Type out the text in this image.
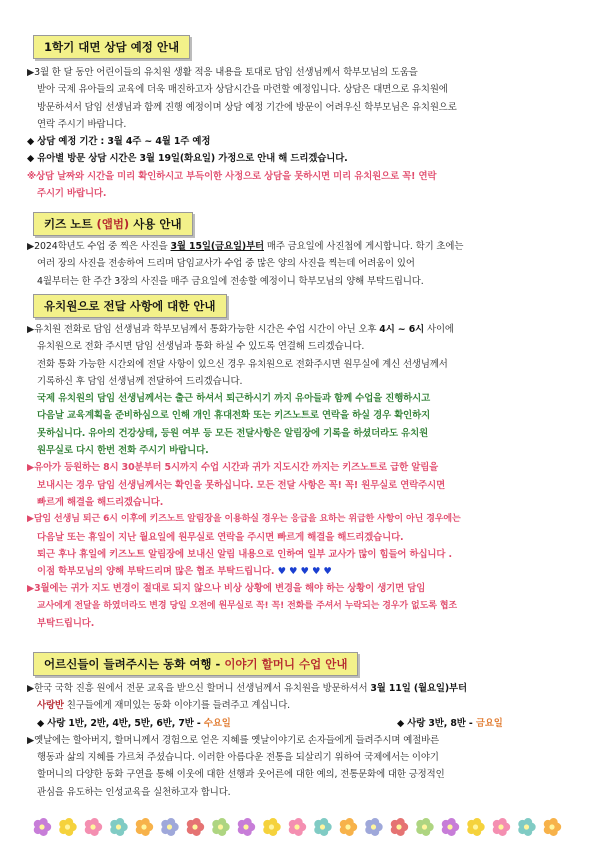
1학기 대면 상담 예정 안내
▶3월 한 달 동안 어린이들의 유치원 생활 적응 내용을 토대로 담임 선생님께서 학부모님의 도움을
받아 국제 유아들의 교육에 더욱 매진하고자 상담시간을 마련할 예정입니다. 상담은 대면으로 유치원에
방문하셔서 담임 선생님과 함께 진행 예정이며 상담 예정 기간에 방문이 어려우신 학부모님은 유치원으로
연락 주시기 바랍니다.
◆ 상담 예정 기간 : 3월 4주 ~ 4월 1주 예정
◆ 유아별 방문 상담 시간은 3월 19일(화요일) 가정으로 안내 해 드리겠습니다.
※상담 날짜와 시간을 미리 확인하시고 부득이한 사정으로 상담을 못하시면 미리 유치원으로 꼭! 연락
주시기 바랍니다.
키즈 노트 (앱범) 사용 안내
▶2024학년도 수업 중 찍은 사진을 3월 15일(금요일)부터 매주 금요일에 사진첩에 게시합니다. 학기 초에는
여러 장의 사진을 전송하여 드리며 담임교사가 수업 중 많은 양의 사진을 찍는데 어려움이 있어
4월부터는 한 주간 3장의 사진을 매주 금요일에 전송할 예정이니 학부모님의 양해 부탁드립니다.
유치원으로 전달 사항에 대한 안내
▶유치원 전화로 담임 선생님과 학부모님께서 통화가능한 시간은 수업 시간이 아닌 오후 4시 ~ 6시 사이에
유치원으로 전화 주시면 담임 선생님과 통화 하실 수 있도록 연결해 드리겠습니다.
전화 통화 가능한 시간외에 전달 사항이 있으신 경우 유치원으로 전화주시면 원무실에 계신 선생님께서
기록하신 후 담임 선생님께 전달하여 드리겠습니다.
국제 유치원의 담임 선생님께서는 출근 하셔서 퇴근하시기 까지 유아들과 함께 수업을 진행하시고
다음날 교육계획을 준비하심으로 인해 개인 휴대전화 또는 키즈노트로 연락을 하실 경우 확인하지
못하십니다. 유아의 건강상태, 등원 여부 등 모든 전달사항은 알림장에 기록을 하셨더라도 유치원
원무실로 다시 한번 전화 주시기 바랍니다.
▶유아가 등원하는 8시 30분부터 5시까지 수업 시간과 귀가 지도시간 까지는 키즈노트로 급한 알림을
보내시는 경우 담임 선생님께서는 확인을 못하십니다. 모든 전달 사항은 꼭! 꼭! 원무실로 연락주시면
빠르게 해결을 해드리겠습니다.
▶담임 선생님 퇴근 6시 이후에 키즈노트 알림장을 이용하실 경우는 응급을 요하는 위급한 사항이 아닌 경우에는
다음날 또는 휴일이 지난 월요일에 원무실로 연락을 주시면 빠르게 해결을 해드리겠습니다.
퇴근 후나 휴일에 키즈노트 알림장에 보내신 알림 내용으로 인하여 일부 교사가 많이 힘들어 하십니다 .
이점 학부모님의 양해 부탁드리며 많은 협조 부탁드립니다. ♥ ♥ ♥ ♥ ♥
▶3월에는 귀가 지도 변경이 절대로 되지 않으나 비상 상황에 변경을 해야 하는 상황이 생기면 담임
교사에게 전달을 하였더라도 변경 당일 오전에 원무실로 꼭! 꼭! 전화를 주셔서 누락되는 경우가 없도록 협조
부탁드립니다.
어르신들이 들려주시는 동화 여행 - 이야기 할머니 수업 안내
▶한국 국학 진흥 원에서 전문 교육을 받으신 할머니 선생님께서 유치원을 방문하셔서 3월 11일 (월요일)부터
사랑반 친구들에게 재미있는 동화 이야기를 들려주고 계십니다.
◆ 사랑 1반, 2반, 4반, 5반, 6반, 7반 - 수요일	◆ 사랑 3반, 8반 - 금요일
▶옛날에는 할아버지, 할머니께서 경험으로 얻은 지혜를 옛날이야기로 손자들에게 들려주시며 예절바른
행동과 삶의 지혜를 가르쳐 주셨습니다. 이러한 아름다운 전통을 되살리기 위하여 국제에서는 이야기
할머니의 다양한 동화 구연을 통해 이웃에 대한 선행과 웃어른에 대한 예의, 전통문화에 대한 긍정적인
관심을 유도하는 인성교육을 실천하고자 합니다.
